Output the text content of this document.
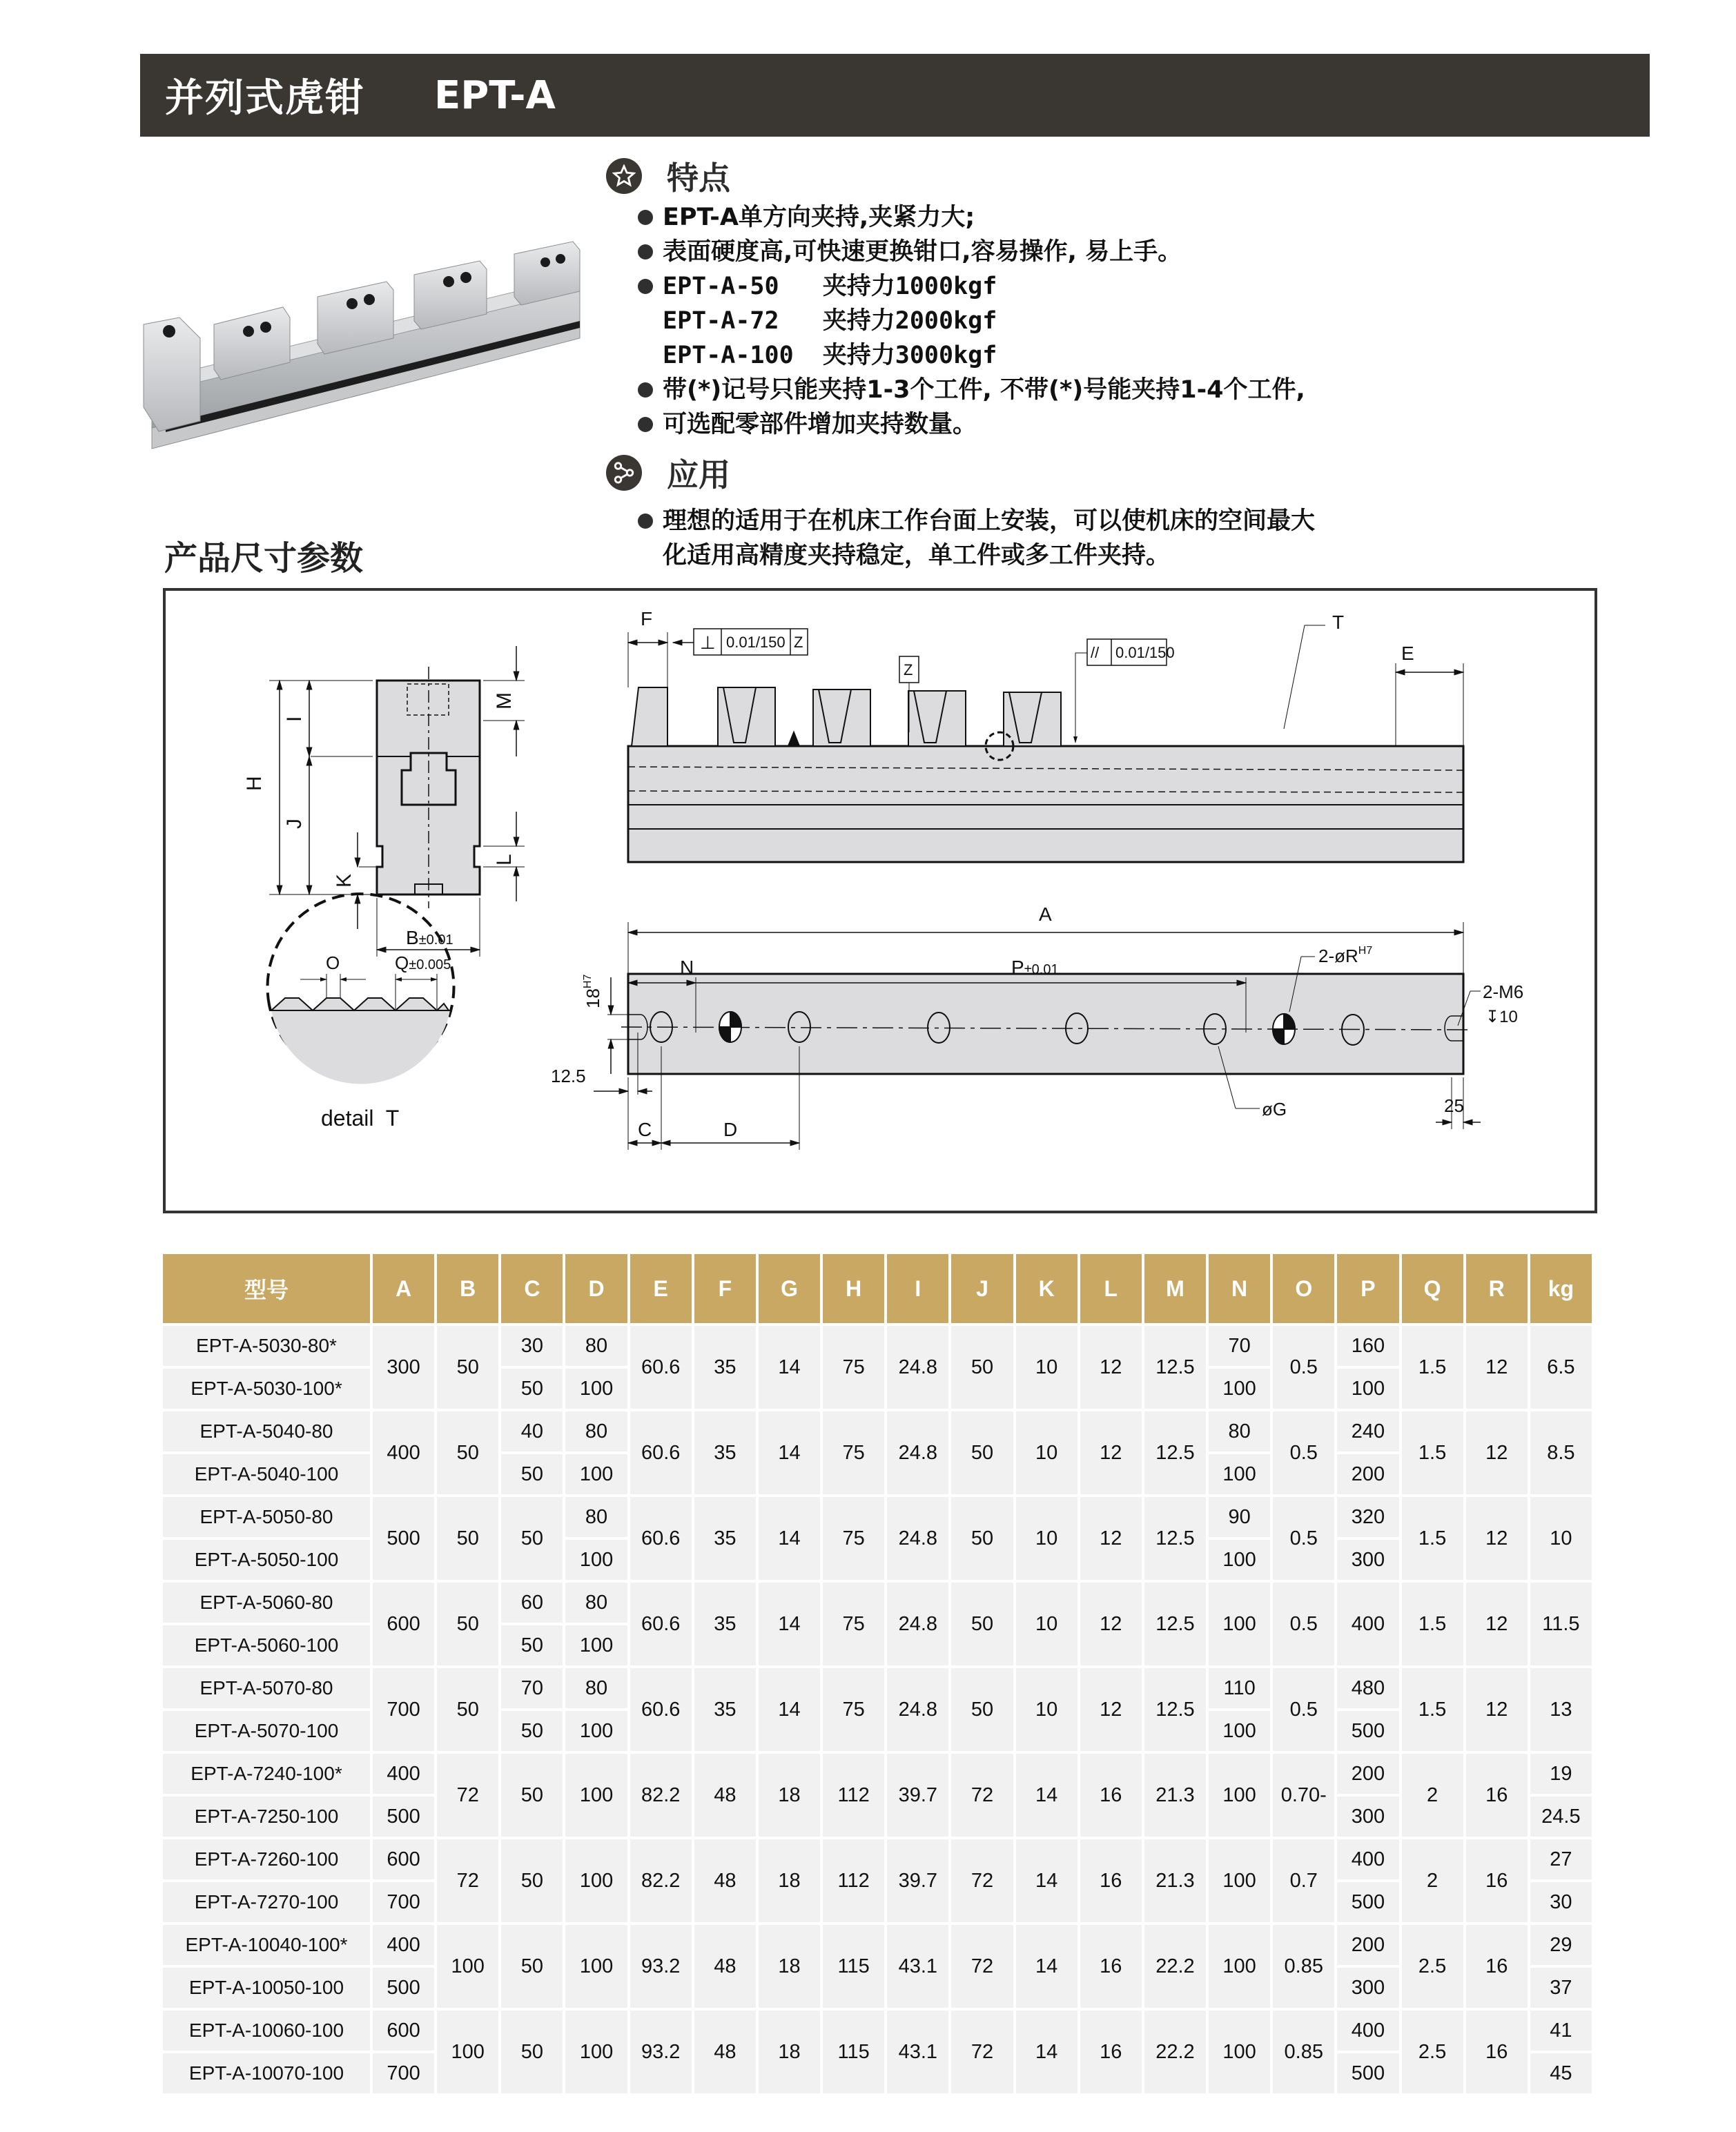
并列式虎钳 EPT-A
特点
EPT-A单方向夹持,夹紧力大;
表面硬度高,可快速更换钳口,容易操作, 易上手。
EPT-A-50   夹持力1000kgf
EPT-A-72   夹持力2000kgf
EPT-A-100  夹持力3000kgf
带(*)记号只能夹持1-3个工件, 不带(*)号能夹持1-4个工件,
可选配零部件增加夹持数量。
应用
理想的适用于在机床工作台面上安装，可以使机床的空间最大
化适用高精度夹持稳定，单工件或多工件夹持。
产品尺寸参数
H
I
J
K
M
L
B±0.01
F
⊥ 0.01/150 Z
Z
// 0.01/150
T
E
A
N	P±0.01
$2-øR^{H7}$
2-M6
↧10
$18^{H7}$
12.5
25
øG
C	D
O	Q±0.005
detail  T
型号	A	B	C	D	E	F	G	H	I	J	K	L	M	N	O	P	Q	R	kg
EPT-A-5030-80*	300	50	30	80	60.6	35	14	75	24.8	50	10	12	12.5	70	0.5	160	1.5	12	6.5
EPT-A-5030-100*			50	100										100		100			
EPT-A-5040-80	400	50	40	80	60.6	35	14	75	24.8	50	10	12	12.5	80	0.5	240	1.5	12	8.5
EPT-A-5040-100			50	100										100		200			
EPT-A-5050-80	500	50	50	80	60.6	35	14	75	24.8	50	10	12	12.5	90	0.5	320	1.5	12	10
EPT-A-5050-100				100										100		300			
EPT-A-5060-80	600	50	60	80	60.6	35	14	75	24.8	50	10	12	12.5	100	0.5	400	1.5	12	11.5
EPT-A-5060-100			50	100															
EPT-A-5070-80	700	50	70	80	60.6	35	14	75	24.8	50	10	12	12.5	110	0.5	480	1.5	12	13
EPT-A-5070-100			50	100										100		500			
EPT-A-7240-100*	400	72	50	100	82.2	48	18	112	39.7	72	14	16	21.3	100	0.70-	200	2	16	19
EPT-A-7250-100	500															300			24.5
EPT-A-7260-100	600	72	50	100	82.2	48	18	112	39.7	72	14	16	21.3	100	0.7	400	2	16	27
EPT-A-7270-100	700															500			30
EPT-A-10040-100*	400	100	50	100	93.2	48	18	115	43.1	72	14	16	22.2	100	0.85	200	2.5	16	29
EPT-A-10050-100	500															300			37
EPT-A-10060-100	600	100	50	100	93.2	48	18	115	43.1	72	14	16	22.2	100	0.85	400	2.5	16	41
EPT-A-10070-100	700															500			45
